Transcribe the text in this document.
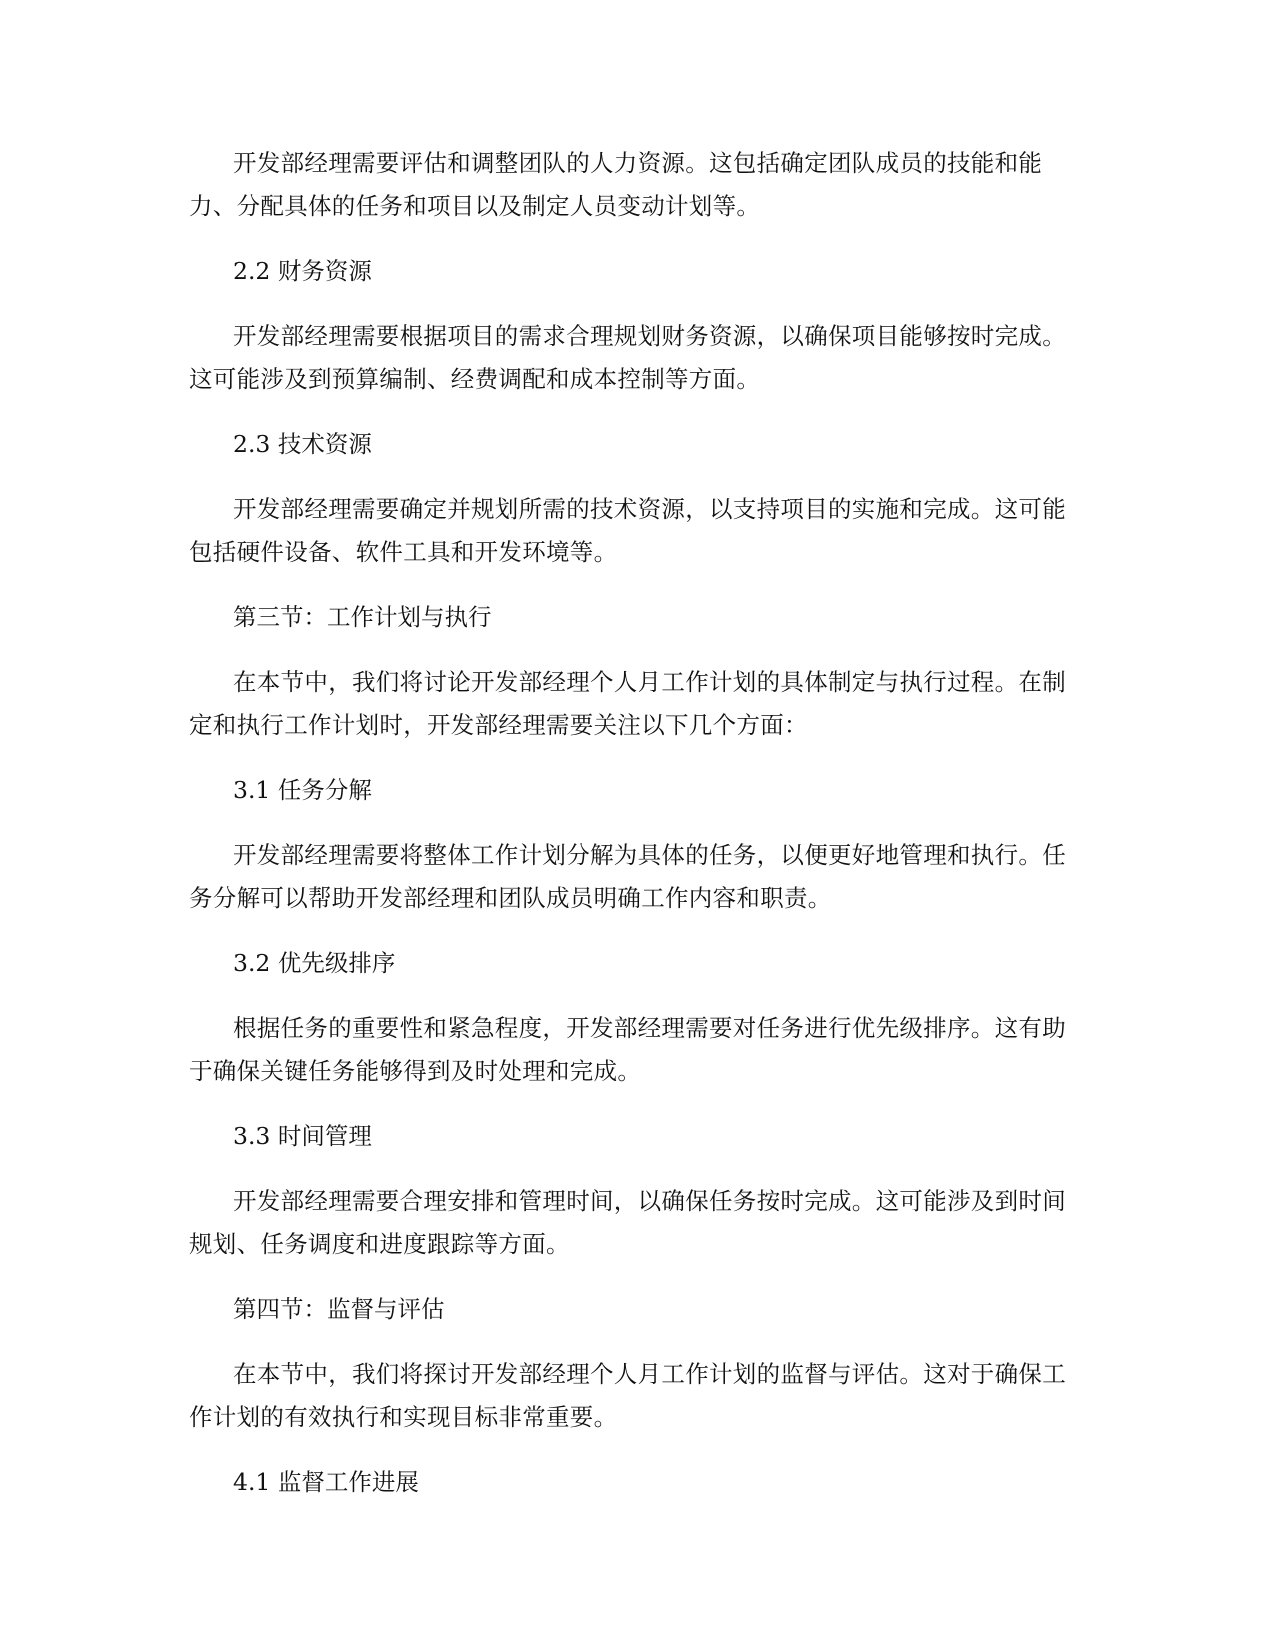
开发部经理需要评估和调整团队的人力资源。这包括确定团队成员的技能和能力、分配具体的任务和项目以及制定人员变动计划等。

2.2 财务资源

开发部经理需要根据项目的需求合理规划财务资源，以确保项目能够按时完成。这可能涉及到预算编制、经费调配和成本控制等方面。

2.3 技术资源

开发部经理需要确定并规划所需的技术资源，以支持项目的实施和完成。这可能包括硬件设备、软件工具和开发环境等。

第三节：工作计划与执行

在本节中，我们将讨论开发部经理个人月工作计划的具体制定与执行过程。在制定和执行工作计划时，开发部经理需要关注以下几个方面：

3.1 任务分解

开发部经理需要将整体工作计划分解为具体的任务，以便更好地管理和执行。任务分解可以帮助开发部经理和团队成员明确工作内容和职责。

3.2 优先级排序

根据任务的重要性和紧急程度，开发部经理需要对任务进行优先级排序。这有助于确保关键任务能够得到及时处理和完成。

3.3 时间管理

开发部经理需要合理安排和管理时间，以确保任务按时完成。这可能涉及到时间规划、任务调度和进度跟踪等方面。

第四节：监督与评估

在本节中，我们将探讨开发部经理个人月工作计划的监督与评估。这对于确保工作计划的有效执行和实现目标非常重要。

4.1 监督工作进展
